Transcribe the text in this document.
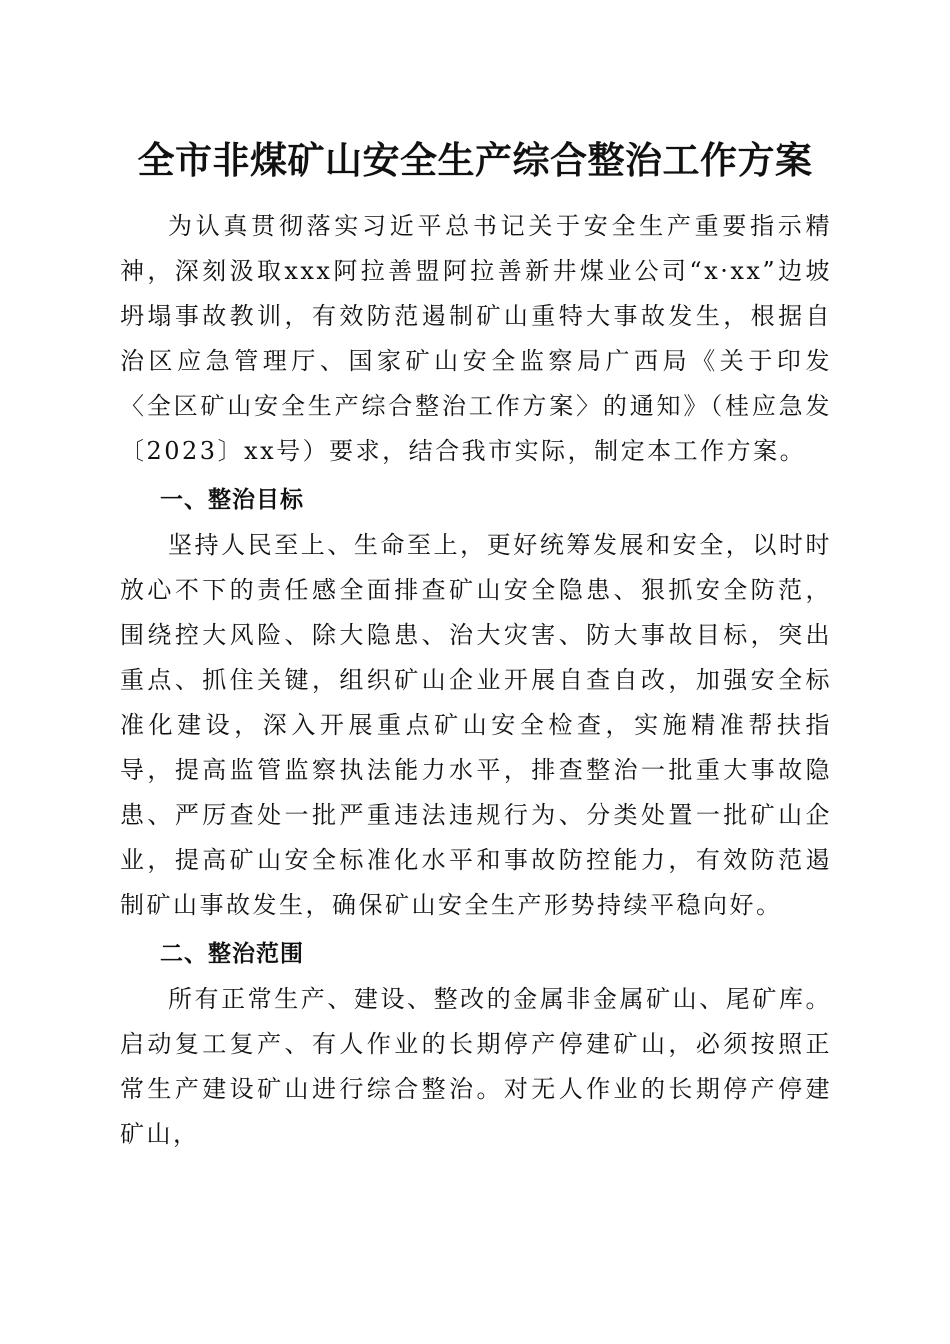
全市非煤矿山安全生产综合整治工作方案

为认真贯彻落实习近平总书记关于安全生产重要指示精神，深刻汲取xxx阿拉善盟阿拉善新井煤业公司“x·xx”边坡坍塌事故教训，有效防范遏制矿山重特大事故发生，根据自治区应急管理厅、国家矿山安全监察局广西局《关于印发〈全区矿山安全生产综合整治工作方案〉的通知》（桂应急发〔2023〕xx号）要求，结合我市实际，制定本工作方案。

一、整治目标

坚持人民至上、生命至上，更好统筹发展和安全，以时时放心不下的责任感全面排查矿山安全隐患、狠抓安全防范，围绕控大风险、除大隐患、治大灾害、防大事故目标，突出重点、抓住关键，组织矿山企业开展自查自改，加强安全标准化建设，深入开展重点矿山安全检查，实施精准帮扶指导，提高监管监察执法能力水平，排查整治一批重大事故隐患、严厉查处一批严重违法违规行为、分类处置一批矿山企业，提高矿山安全标准化水平和事故防控能力，有效防范遏制矿山事故发生，确保矿山安全生产形势持续平稳向好。

二、整治范围

所有正常生产、建设、整改的金属非金属矿山、尾矿库。启动复工复产、有人作业的长期停产停建矿山，必须按照正常生产建设矿山进行综合整治。对无人作业的长期停产停建矿山，
